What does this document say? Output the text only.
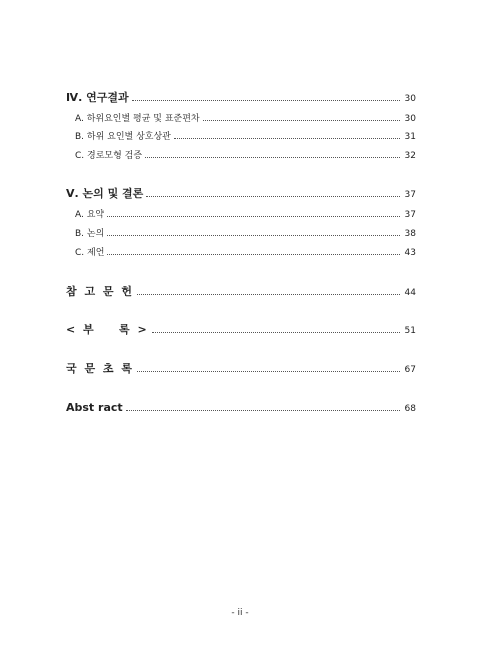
Ⅳ. 연구결과	30
A. 하위요인별 평균 및 표준편차	30
B. 하위 요인별 상호상관	31
C. 경로모형 검증	32
Ⅴ. 논의 및 결론	37
A. 요약	37
B. 논의	38
C. 제언	43
참 고 문 헌	44
< 부    록 >	51
국 문 초 록	67
Abst ract	68
- ii -
